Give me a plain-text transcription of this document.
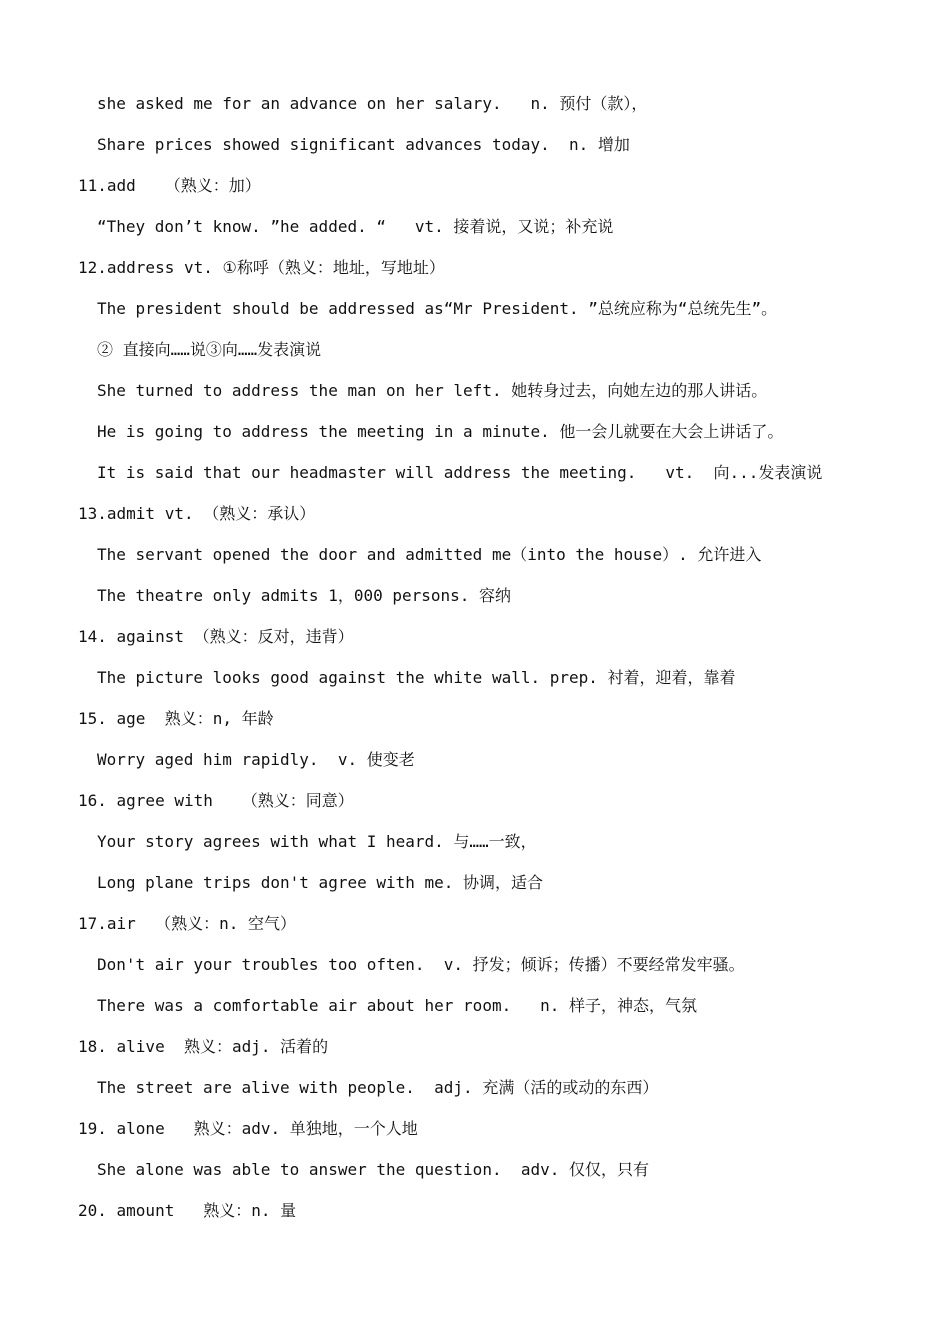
she asked me for an advance on her salary.   n. 预付（款），
Share prices showed significant advances today.  n. 增加
11.add   （熟义：加）
“They don’t know. ”he added. “   vt. 接着说，又说；补充说
12.address vt. ①称呼（熟义：地址，写地址）
The president should be addressed as“Mr President. ”总统应称为“总统先生”。
② 直接向……说③向……发表演说
She turned to address the man on her left. 她转身过去，向她左边的那人讲话。
He is going to address the meeting in a minute. 他一会儿就要在大会上讲话了。
It is said that our headmaster will address the meeting.   vt.  向...发表演说
13.admit vt. （熟义：承认）
The servant opened the door and admitted me（into the house）. 允许进入
The theatre only admits 1，000 persons. 容纳
14. against （熟义：反对，违背）
The picture looks good against the white wall. prep. 衬着，迎着，靠着
15. age  熟义：n, 年龄
Worry aged him rapidly.  v. 使变老
16. agree with   （熟义：同意）
Your story agrees with what I heard. 与……一致，
Long plane trips don't agree with me. 协调，适合
17.air  （熟义：n. 空气）
Don't air your troubles too often.  v. 抒发；倾诉；传播）不要经常发牢骚。
There was a comfortable air about her room.   n. 样子，神态，气氛
18. alive  熟义：adj. 活着的
The street are alive with people.  adj. 充满（活的或动的东西）
19. alone   熟义：adv. 单独地，一个人地
She alone was able to answer the question.  adv. 仅仅，只有
20. amount   熟义：n. 量
